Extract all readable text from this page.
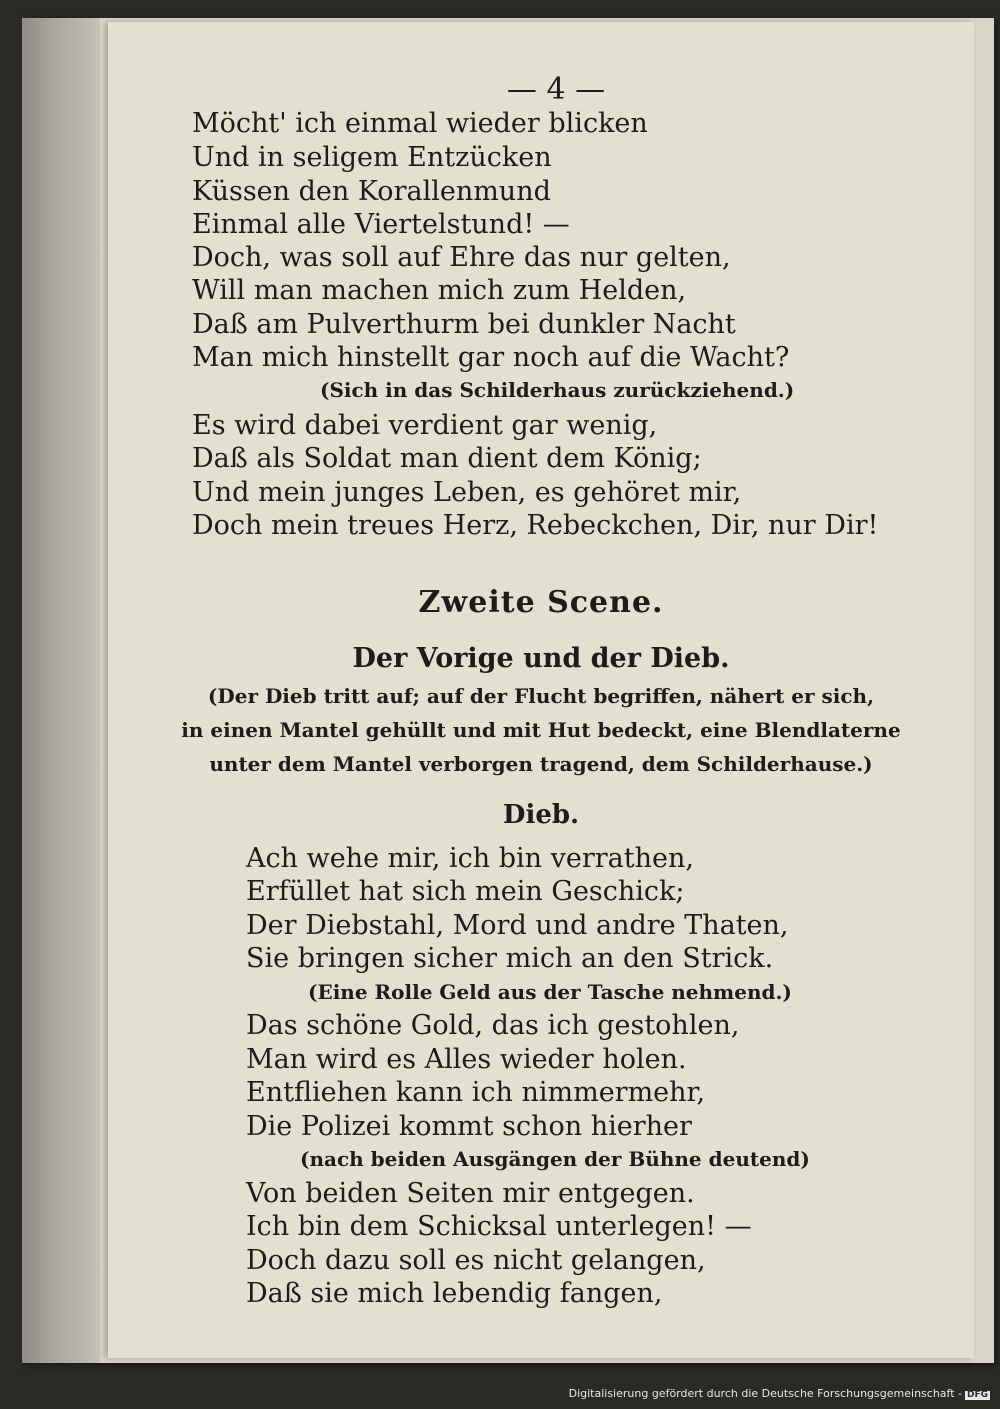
— 4 —
Möcht' ich einmal wieder blicken
Und in seligem Entzücken
Küssen den Korallenmund
Einmal alle Viertelstund! —
Doch, was soll auf Ehre das nur gelten,
Will man machen mich zum Helden,
Daß am Pulverthurm bei dunkler Nacht
Man mich hinstellt gar noch auf die Wacht?
(Sich in das Schilderhaus zurückziehend.)
Es wird dabei verdient gar wenig,
Daß als Soldat man dient dem König;
Und mein junges Leben, es gehöret mir,
Doch mein treues Herz, Rebeckchen, Dir, nur Dir!
Zweite Scene.
Der Vorige und der Dieb.
(Der Dieb tritt auf; auf der Flucht begriffen, nähert er sich,
in einen Mantel gehüllt und mit Hut bedeckt, eine Blendlaterne
unter dem Mantel verborgen tragend, dem Schilderhause.)
Dieb.
Ach wehe mir, ich bin verrathen,
Erfüllet hat sich mein Geschick;
Der Diebstahl, Mord und andre Thaten,
Sie bringen sicher mich an den Strick.
(Eine Rolle Geld aus der Tasche nehmend.)
Das schöne Gold, das ich gestohlen,
Man wird es Alles wieder holen.
Entfliehen kann ich nimmermehr,
Die Polizei kommt schon hierher
(nach beiden Ausgängen der Bühne deutend)
Von beiden Seiten mir entgegen.
Ich bin dem Schicksal unterlegen! —
Doch dazu soll es nicht gelangen,
Daß sie mich lebendig fangen,
Digitalisierung gefördert durch die Deutsche Forschungsgemeinschaft - DFG
